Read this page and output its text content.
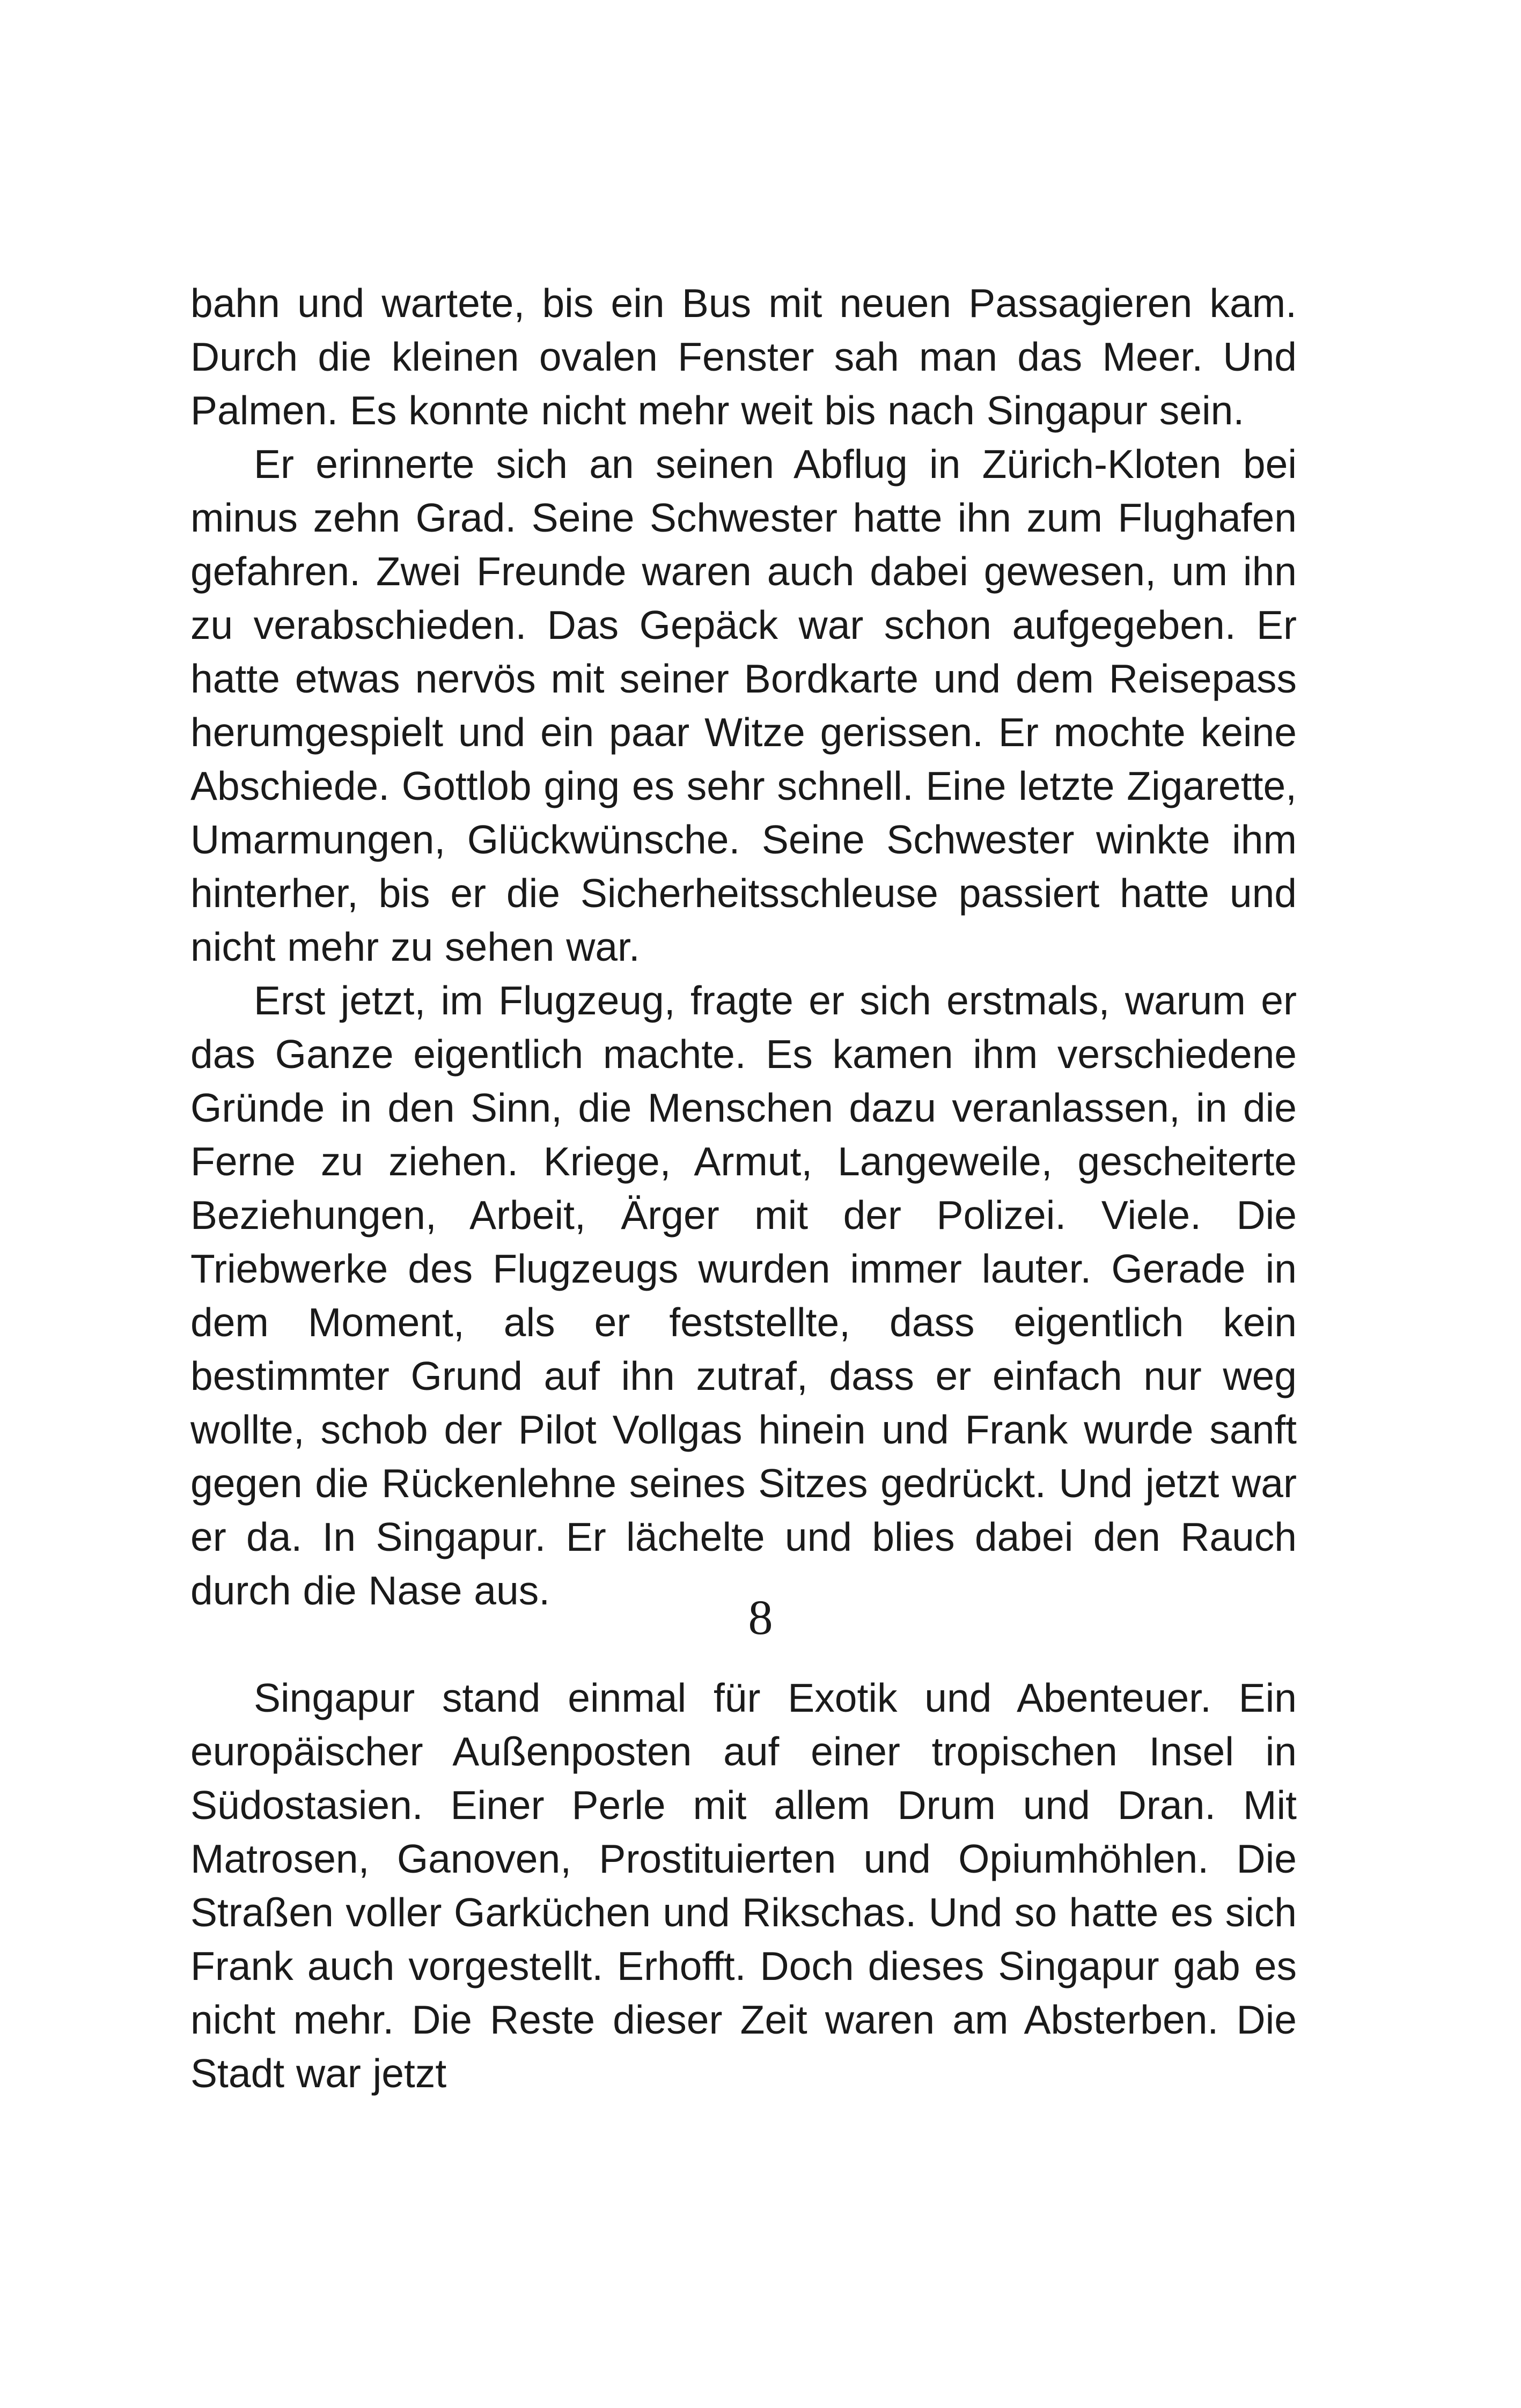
bahn und wartete, bis ein Bus mit neuen Passagieren kam. Durch die kleinen ovalen Fenster sah man das Meer. Und Palmen. Es konnte nicht mehr weit bis nach Singapur sein.

Er erinnerte sich an seinen Abflug in Zürich-Kloten bei minus zehn Grad. Seine Schwester hatte ihn zum Flughafen gefahren. Zwei Freunde waren auch dabei gewesen, um ihn zu verabschieden. Das Gepäck war schon aufgegeben. Er hatte etwas nervös mit seiner Bordkarte und dem Reisepass herumgespielt und ein paar Witze gerissen. Er mochte keine Abschiede. Gottlob ging es sehr schnell. Eine letzte Zigarette, Umarmungen, Glückwünsche. Seine Schwester winkte ihm hinterher, bis er die Sicherheitsschleuse passiert hatte und nicht mehr zu sehen war.

Erst jetzt, im Flugzeug, fragte er sich erstmals, warum er das Ganze eigentlich machte. Es kamen ihm verschiedene Gründe in den Sinn, die Menschen dazu veranlassen, in die Ferne zu ziehen. Kriege, Armut, Langeweile, gescheiterte Beziehungen, Arbeit, Ärger mit der Polizei. Viele. Die Triebwerke des Flugzeugs wurden immer lauter. Gerade in dem Moment, als er feststellte, dass eigentlich kein bestimmter Grund auf ihn zutraf, dass er einfach nur weg wollte, schob der Pilot Vollgas hinein und Frank wurde sanft gegen die Rückenlehne seines Sitzes gedrückt. Und jetzt war er da. In Singapur. Er lächelte und blies dabei den Rauch durch die Nase aus.

Singapur stand einmal für Exotik und Abenteuer. Ein europäischer Außenposten auf einer tropischen Insel in Südostasien. Einer Perle mit allem Drum und Dran. Mit Matrosen, Ganoven, Prostituierten und Opiumhöhlen. Die Straßen voller Garküchen und Rikschas. Und so hatte es sich Frank auch vorgestellt. Erhofft. Doch dieses Singapur gab es nicht mehr. Die Reste dieser Zeit waren am Absterben. Die Stadt war jetzt

8
